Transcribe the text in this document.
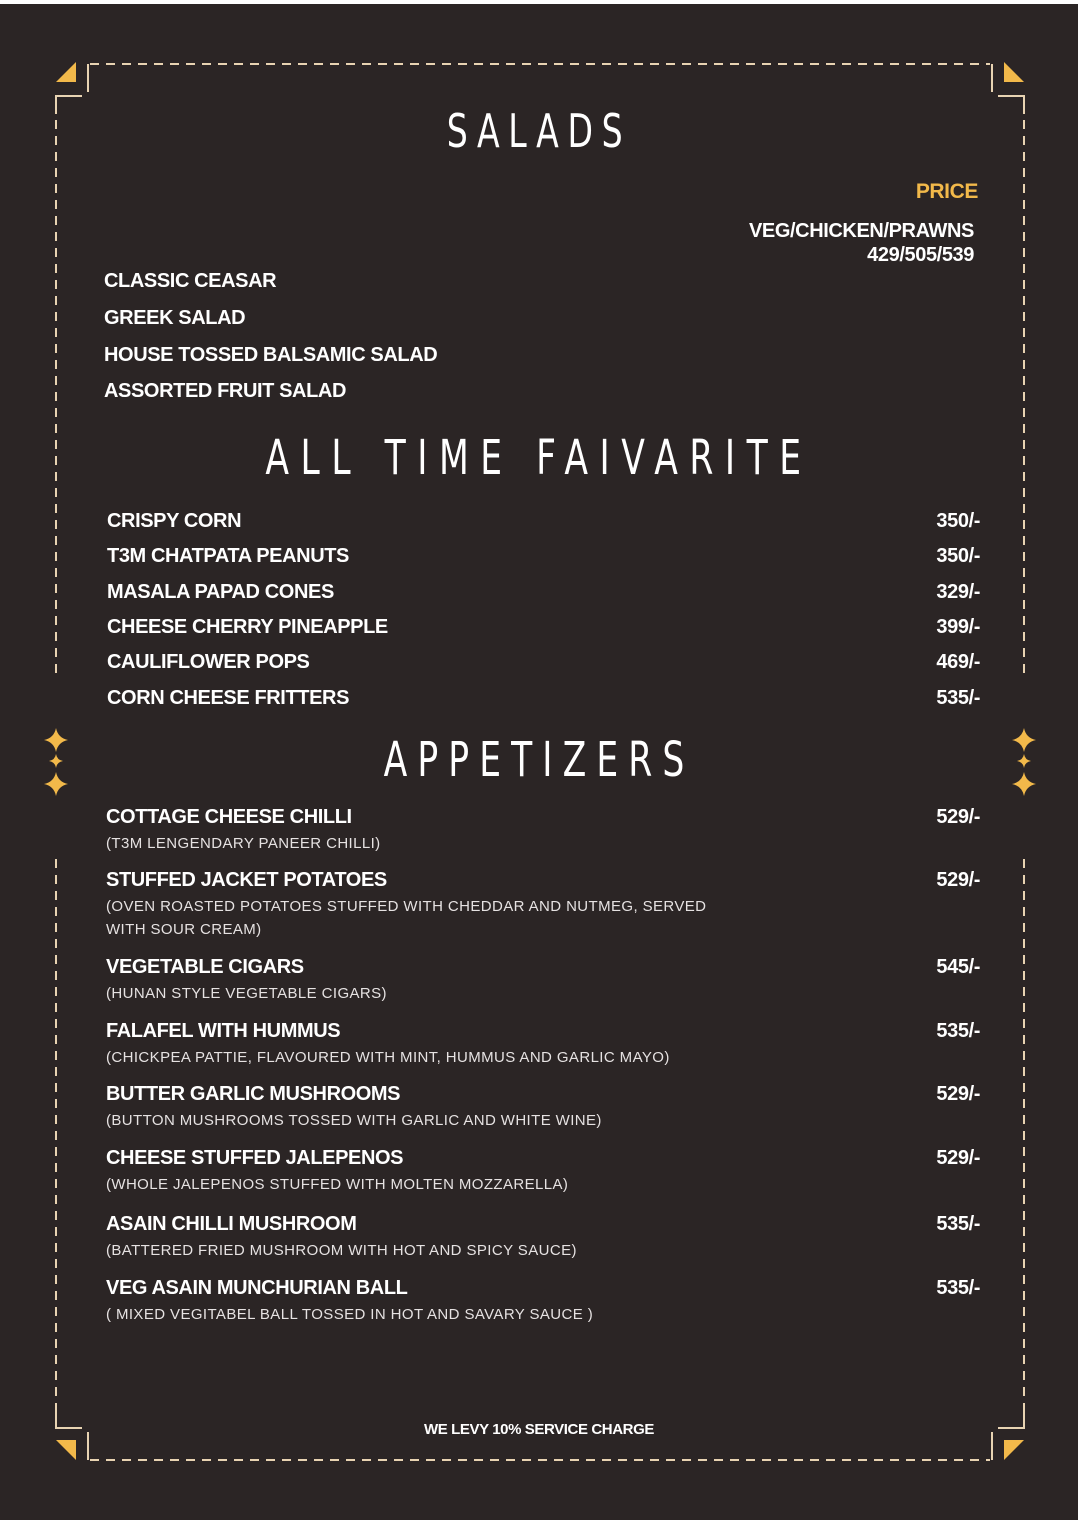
SALADS
PRICE
VEG/CHICKEN/PRAWNS
429/505/539
CLASSIC CEASAR
GREEK SALAD
HOUSE TOSSED BALSAMIC SALAD
ASSORTED FRUIT SALAD
ALL TIME FAIVARITE
CRISPY CORN	350/-
T3M CHATPATA PEANUTS	350/-
MASALA PAPAD CONES	329/-
CHEESE CHERRY PINEAPPLE	399/-
CAULIFLOWER POPS	469/-
CORN CHEESE FRITTERS	535/-
APPETIZERS
COTTAGE CHEESE CHILLI	529/-
(T3M LENGENDARY PANEER CHILLI)
STUFFED JACKET POTATOES	529/-
(OVEN ROASTED POTATOES STUFFED WITH CHEDDAR AND NUTMEG, SERVED
WITH SOUR CREAM)
VEGETABLE CIGARS	545/-
(HUNAN STYLE VEGETABLE CIGARS)
FALAFEL WITH HUMMUS	535/-
(CHICKPEA PATTIE, FLAVOURED WITH MINT, HUMMUS AND GARLIC MAYO)
BUTTER GARLIC MUSHROOMS	529/-
(BUTTON MUSHROOMS TOSSED WITH GARLIC AND WHITE WINE)
CHEESE STUFFED JALEPENOS	529/-
(WHOLE JALEPENOS STUFFED WITH MOLTEN MOZZARELLA)
ASAIN CHILLI MUSHROOM	535/-
(BATTERED FRIED MUSHROOM WITH HOT AND SPICY SAUCE)
VEG ASAIN MUNCHURIAN BALL	535/-
( MIXED VEGITABEL BALL TOSSED IN HOT AND SAVARY SAUCE )
WE LEVY 10% SERVICE CHARGE
